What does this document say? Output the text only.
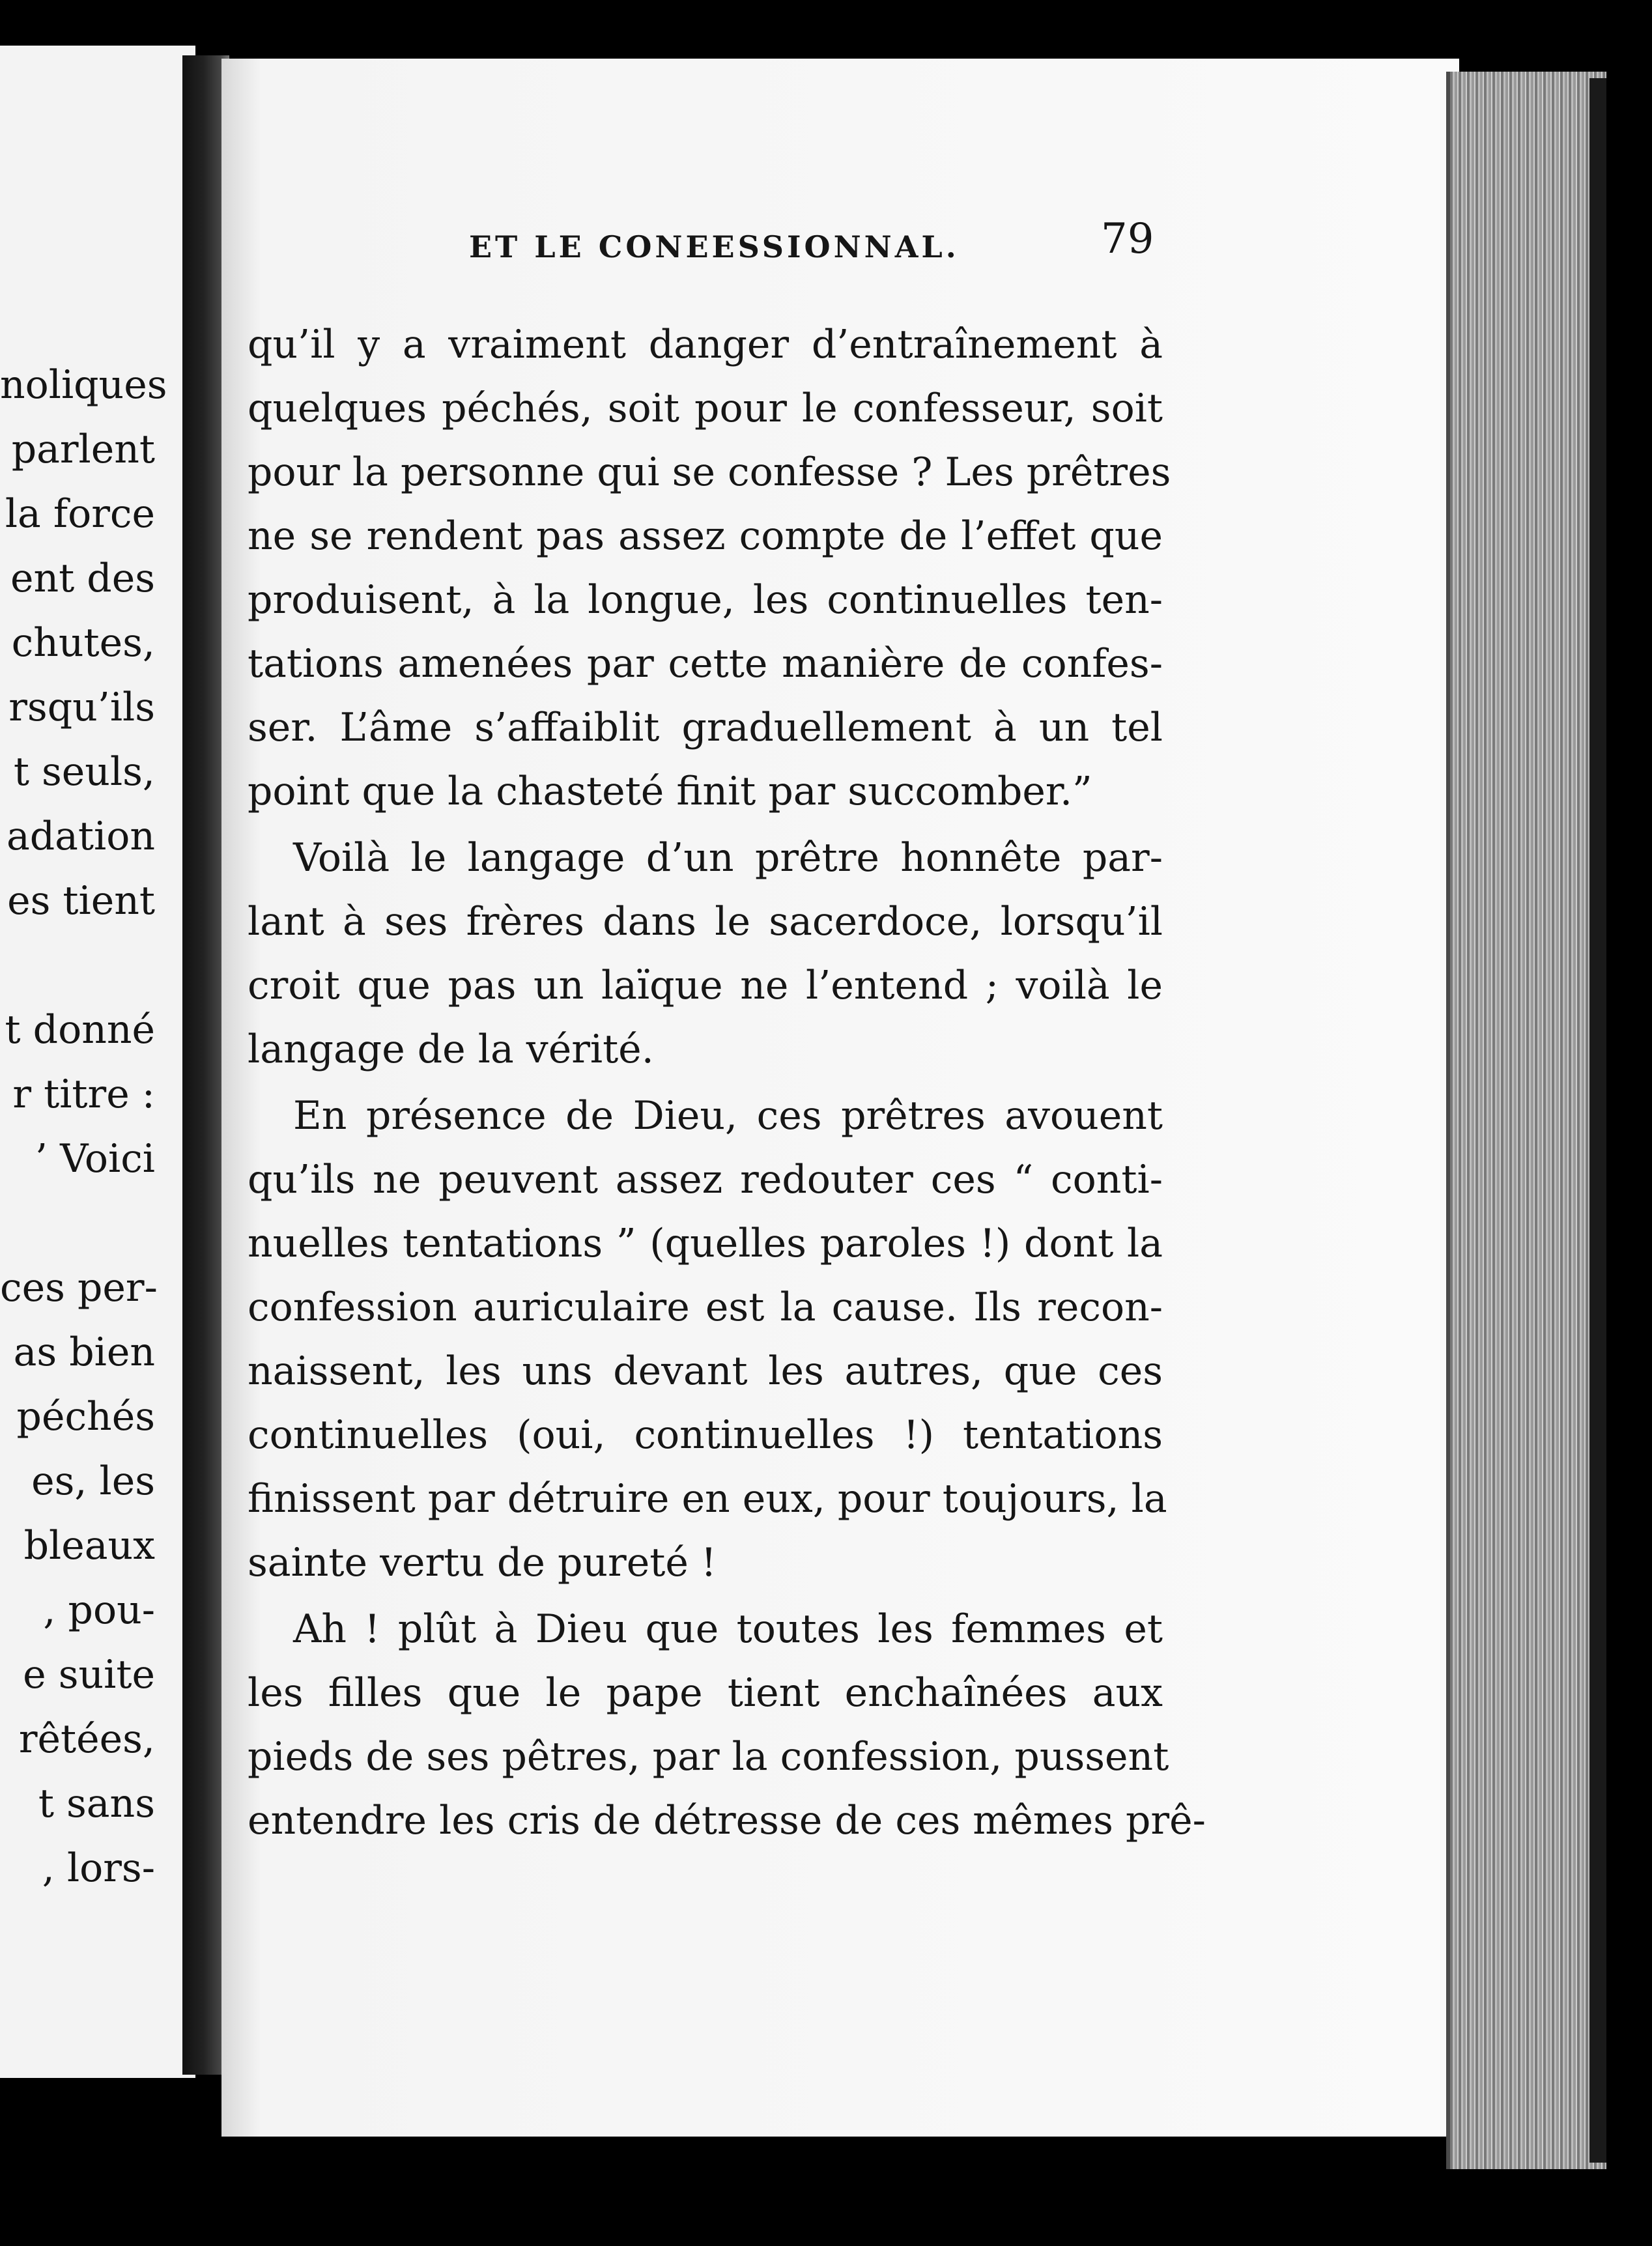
noliques
parlent
la force
ent des
chutes,
rsqu’ils
t seuls,
adation
es tient
t donné
r titre :
’ Voici
ces per-
as bien
péchés
es, les
bleaux
, pou-
e suite
rêtées,
t sans
, lors-
ET LE CONEESSIONNAL.	79
qu’il y a vraiment danger d’entraînement à
quelques péchés, soit pour le confesseur, soit
pour la personne qui se confesse ? Les prêtres
ne se rendent pas assez compte de l’effet que
produisent, à la longue, les continuelles ten-
tations amenées par cette manière de confes-
ser. L’âme s’affaiblit graduellement à un tel
point que la chasteté finit par succomber.”
Voilà le langage d’un prêtre honnête par-
lant à ses frères dans le sacerdoce, lorsqu’il
croit que pas un laïque ne l’entend ; voilà le
langage de la vérité.
En présence de Dieu, ces prêtres avouent
qu’ils ne peuvent assez redouter ces “ conti-
nuelles tentations ” (quelles paroles !) dont la
confession auriculaire est la cause. Ils recon-
naissent, les uns devant les autres, que ces
continuelles (oui, continuelles !) tentations
finissent par détruire en eux, pour toujours, la
sainte vertu de pureté !
Ah ! plût à Dieu que toutes les femmes et
les filles que le pape tient enchaînées aux
pieds de ses pêtres, par la confession, pussent
entendre les cris de détresse de ces mêmes prê-
